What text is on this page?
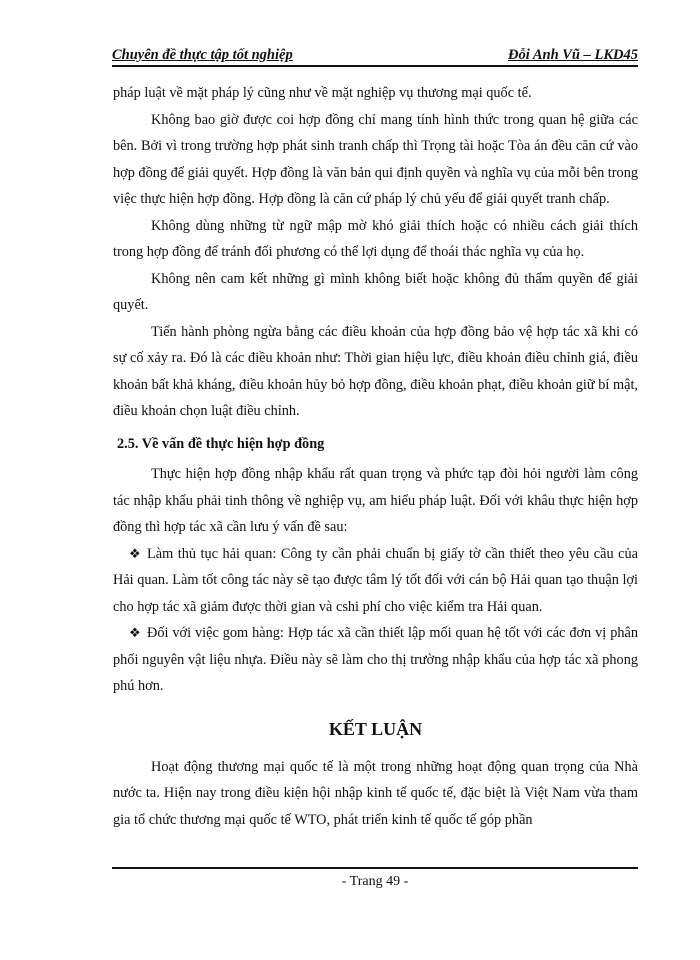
Chuyên đề thực tập tốt nghiệp	Đỗi Anh Vũ – LKD45

pháp luật về mặt pháp lý cũng như về mặt nghiệp vụ thương mại quốc tế.

Không bao giờ được coi hợp đồng chỉ mang tính hình thức trong quan hệ giữa các bên. Bởi vì trong trường hợp phát sinh tranh chấp thì Trọng tài hoặc Tòa án đều căn cứ vào hợp đồng để giải quyết. Hợp đồng là văn bản qui định quyền và nghĩa vụ của mỗi bên trong việc thực hiện hợp đồng. Hợp đồng là căn cứ pháp lý chủ yếu để giải quyết tranh chấp.

Không dùng những từ ngữ mập mờ khó giải thích hoặc có nhiều cách giải thích trong hợp đồng để tránh đối phương có thể lợi dụng để thoái thác nghĩa vụ của họ.

Không nên cam kết những gì mình không biết hoặc không đủ thẩm quyền để giải quyết.

Tiến hành phòng ngừa bằng các điều khoản của hợp đồng bảo vệ hợp tác xã khi có sự cố xảy ra. Đó là các điều khoản như: Thời gian hiệu lực, điều khoản điều chỉnh giá, điều khoản bất khả kháng, điều khoản hủy bỏ hợp đồng, điều khoản phạt, điều khoản giữ bí mật, điều khoản chọn luật điều chỉnh.

2.5. Về vấn đề thực hiện hợp đồng

Thực hiện hợp đồng nhập khẩu rất quan trọng và phức tạp đòi hỏi người làm công tác nhập khẩu phải tinh thông về nghiệp vụ, am hiểu pháp luật. Đối với khâu thực hiện hợp đồng thì hợp tác xã cần lưu ý vấn đề sau:

❖ Làm thủ tục hải quan: Công ty cần phải chuẩn bị giấy tờ cần thiết theo yêu cầu của Hải quan. Làm tốt công tác này sẽ tạo được tâm lý tốt đối với cán bộ Hải quan tạo thuận lợi cho hợp tác xã giảm được thời gian và cshi phí cho việc kiểm tra Hải quan.

❖ Đối với việc gom hàng: Hợp tác xã cần thiết lập mối quan hệ tốt với các đơn vị phân phối nguyên vật liệu nhựa. Điều này sẽ làm cho thị trường nhập khẩu của hợp tác xã phong phú hơn.

KẾT LUẬN

Hoạt động thương mại quốc tế là một trong những hoạt động quan trọng của Nhà nước ta. Hiện nay trong điều kiện hội nhập kinh tế quốc tế, đặc biệt là Việt Nam vừa tham gia tổ chức thương mại quốc tế WTO, phát triển kinh tế quốc tế góp phần

- Trang 49 -
